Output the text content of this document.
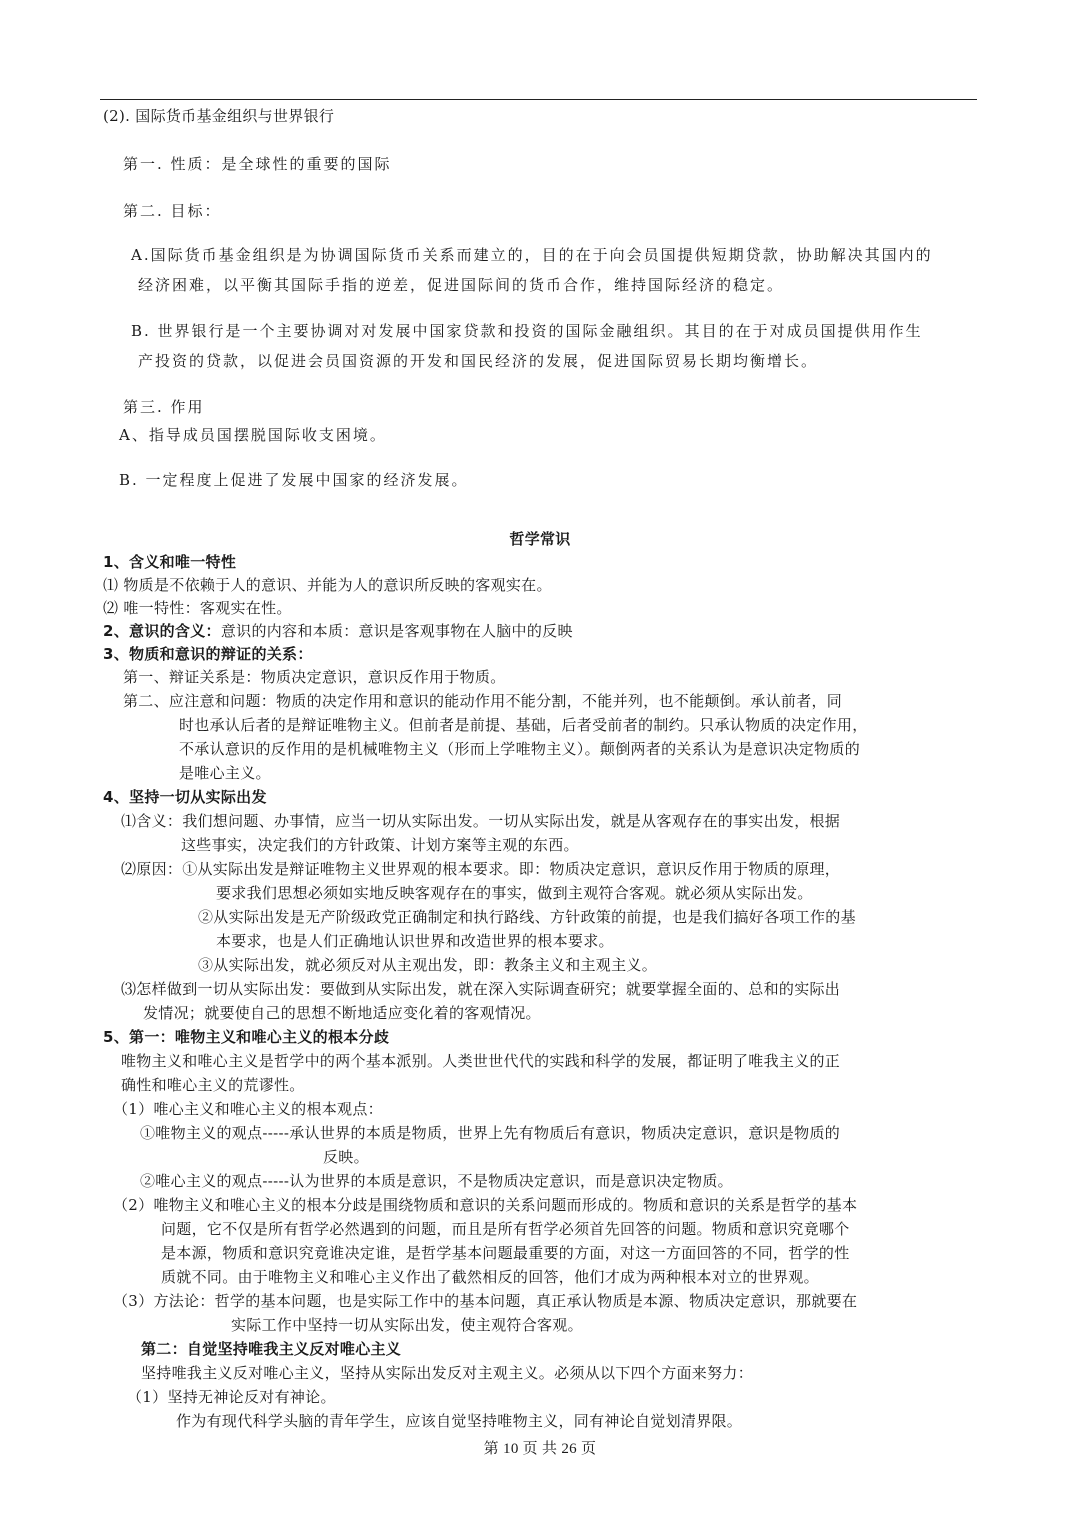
(2). 国际货币基金组织与世界银行
第一. 性质：是全球性的重要的国际
第二. 目标：
A.国际货币基金组织是为协调国际货币关系而建立的，目的在于向会员国提供短期贷款，协助解决其国内的
经济困难，以平衡其国际手指的逆差，促进国际间的货币合作，维持国际经济的稳定。
B. 世界银行是一个主要协调对对发展中国家贷款和投资的国际金融组织。其目的在于对成员国提供用作生
产投资的贷款，以促进会员国资源的开发和国民经济的发展，促进国际贸易长期均衡增长。
第三. 作用
A、指导成员国摆脱国际收支困境。
B. 一定程度上促进了发展中国家的经济发展。
哲学常识
1、含义和唯一特性
⑴ 物质是不依赖于人的意识、并能为人的意识所反映的客观实在。
⑵ 唯一特性：客观实在性。
2、意识的含义：意识的内容和本质：意识是客观事物在人脑中的反映
3、物质和意识的辩证的关系：
第一、辩证关系是：物质决定意识，意识反作用于物质。
第二、应注意和问题：物质的决定作用和意识的能动作用不能分割，不能并列，也不能颠倒。承认前者，同
时也承认后者的是辩证唯物主义。但前者是前提、基础，后者受前者的制约。只承认物质的决定作用，
不承认意识的反作用的是机械唯物主义（形而上学唯物主义）。颠倒两者的关系认为是意识决定物质的
是唯心主义。
4、坚持一切从实际出发
⑴含义：我们想问题、办事情，应当一切从实际出发。一切从实际出发，就是从客观存在的事实出发，根据
这些事实，决定我们的方针政策、计划方案等主观的东西。
⑵原因：①从实际出发是辩证唯物主义世界观的根本要求。即：物质决定意识，意识反作用于物质的原理，
要求我们思想必须如实地反映客观存在的事实，做到主观符合客观。就必须从实际出发。
②从实际出发是无产阶级政党正确制定和执行路线、方针政策的前提，也是我们搞好各项工作的基
本要求，也是人们正确地认识世界和改造世界的根本要求。
③从实际出发，就必须反对从主观出发，即：教条主义和主观主义。
⑶怎样做到一切从实际出发：要做到从实际出发，就在深入实际调查研究；就要掌握全面的、总和的实际出
发情况；就要使自己的思想不断地适应变化着的客观情况。
5、第一：唯物主义和唯心主义的根本分歧
唯物主义和唯心主义是哲学中的两个基本派别。人类世世代代的实践和科学的发展，都证明了唯我主义的正
确性和唯心主义的荒谬性。
（1）唯心主义和唯心主义的根本观点：
①唯物主义的观点-----承认世界的本质是物质，世界上先有物质后有意识，物质决定意识，意识是物质的
反映。
②唯心主义的观点-----认为世界的本质是意识，不是物质决定意识，而是意识决定物质。
（2）唯物主义和唯心主义的根本分歧是围绕物质和意识的关系问题而形成的。物质和意识的关系是哲学的基本
问题，它不仅是所有哲学必然遇到的问题，而且是所有哲学必须首先回答的问题。物质和意识究竟哪个
是本源，物质和意识究竟谁决定谁，是哲学基本问题最重要的方面，对这一方面回答的不同，哲学的性
质就不同。由于唯物主义和唯心主义作出了截然相反的回答，他们才成为两种根本对立的世界观。
（3）方法论：哲学的基本问题，也是实际工作中的基本问题，真正承认物质是本源、物质决定意识，那就要在
实际工作中坚持一切从实际出发，使主观符合客观。
第二：自觉坚持唯我主义反对唯心主义
坚持唯我主义反对唯心主义，坚持从实际出发反对主观主义。必须从以下四个方面来努力：
（1）坚持无神论反对有神论。
作为有现代科学头脑的青年学生，应该自觉坚持唯物主义，同有神论自觉划清界限。
第 10 页 共 26 页
